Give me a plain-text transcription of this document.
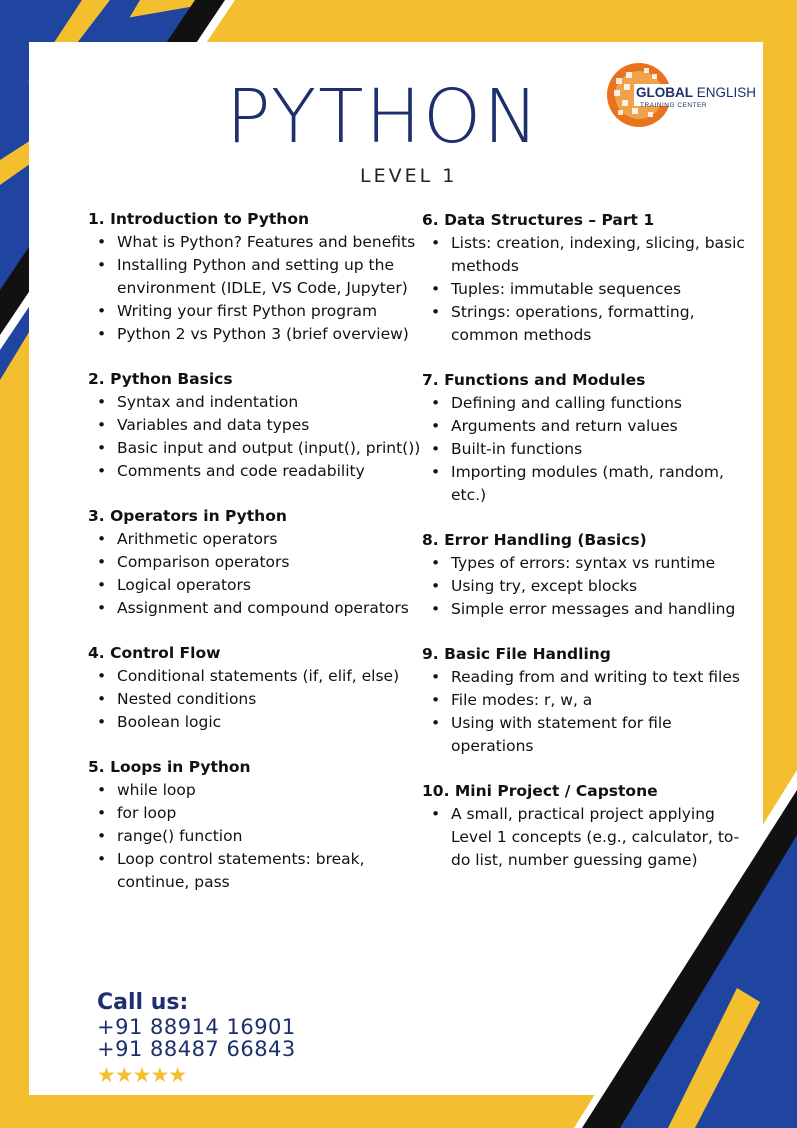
PYTHON
LEVEL 1
GLOBAL ENGLISH
TRAINING CENTER
1. Introduction to Python
• What is Python? Features and benefits
• Installing Python and setting up the environment (IDLE, VS Code, Jupyter)
• Writing your first Python program
• Python 2 vs Python 3 (brief overview)
2. Python Basics
• Syntax and indentation
• Variables and data types
• Basic input and output (input(), print())
• Comments and code readability
3. Operators in Python
• Arithmetic operators
• Comparison operators
• Logical operators
• Assignment and compound operators
4. Control Flow
• Conditional statements (if, elif, else)
• Nested conditions
• Boolean logic
5. Loops in Python
• while loop
• for loop
• range() function
• Loop control statements: break, continue, pass
6. Data Structures – Part 1
• Lists: creation, indexing, slicing, basic methods
• Tuples: immutable sequences
• Strings: operations, formatting, common methods
7. Functions and Modules
• Defining and calling functions
• Arguments and return values
• Built-in functions
• Importing modules (math, random, etc.)
8. Error Handling (Basics)
• Types of errors: syntax vs runtime
• Using try, except blocks
• Simple error messages and handling
9. Basic File Handling
• Reading from and writing to text files
• File modes: r, w, a
• Using with statement for file operations
10. Mini Project / Capstone
• A small, practical project applying Level 1 concepts (e.g., calculator, to-do list, number guessing game)
Call us:
+91 88914 16901
+91 88487 66843
★★★★★
